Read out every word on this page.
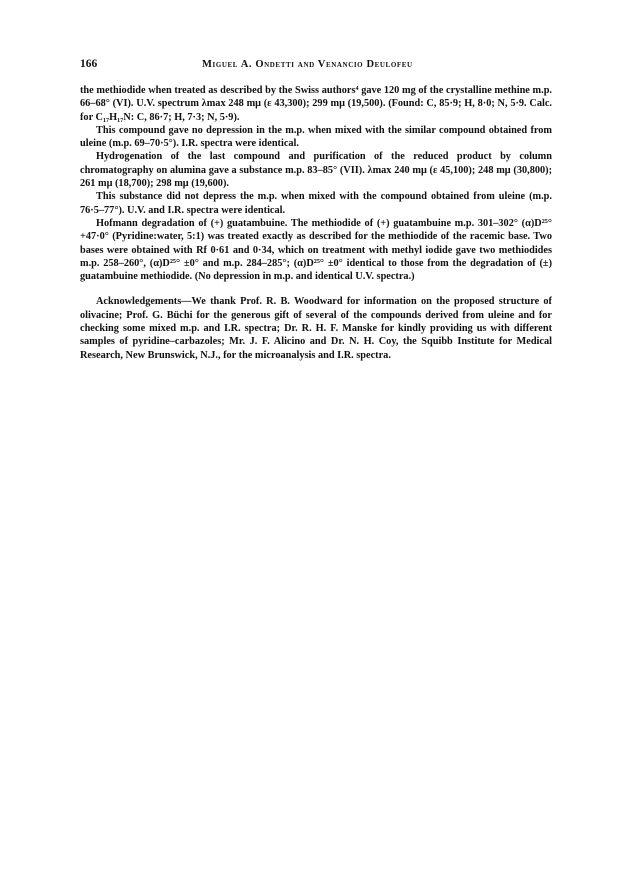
166	Miguel A. Ondetti and Venancio Deulofeu

the methiodide when treated as described by the Swiss authors⁴ gave 120 mg of the crystalline methine m.p. 66–68° (VI). U.V. spectrum λmax 248 mμ (ε 43,300); 299 mμ (19,500). (Found: C, 85·9; H, 8·0; N, 5·9. Calc. for C₁₇H₁₇N: C, 86·7; H, 7·3; N, 5·9).

This compound gave no depression in the m.p. when mixed with the similar compound obtained from uleine (m.p. 69–70·5°). I.R. spectra were identical.

Hydrogenation of the last compound and purification of the reduced product by column chromatography on alumina gave a substance m.p. 83–85° (VII). λmax 240 mμ (ε 45,100); 248 mμ (30,800); 261 mμ (18,700); 298 mμ (19,600).

This substance did not depress the m.p. when mixed with the compound obtained from uleine (m.p. 76·5–77°). U.V. and I.R. spectra were identical.

Hofmann degradation of (+) guatambuine. The methiodide of (+) guatambuine m.p. 301–302° (α)D²⁵° +47·0° (Pyridine:water, 5:1) was treated exactly as described for the methiodide of the racemic base. Two bases were obtained with Rf 0·61 and 0·34, which on treatment with methyl iodide gave two methiodides m.p. 258–260°, (α)D²⁵° ±0° and m.p. 284–285°; (α)D²⁵° ±0° identical to those from the degradation of (±) guatambuine methiodide. (No depression in m.p. and identical U.V. spectra.)

Acknowledgements—We thank Prof. R. B. Woodward for information on the proposed structure of olivacine; Prof. G. Büchi for the generous gift of several of the compounds derived from uleine and for checking some mixed m.p. and I.R. spectra; Dr. R. H. F. Manske for kindly providing us with different samples of pyridine–carbazoles; Mr. J. F. Alicino and Dr. N. H. Coy, the Squibb Institute for Medical Research, New Brunswick, N.J., for the microanalysis and I.R. spectra.
